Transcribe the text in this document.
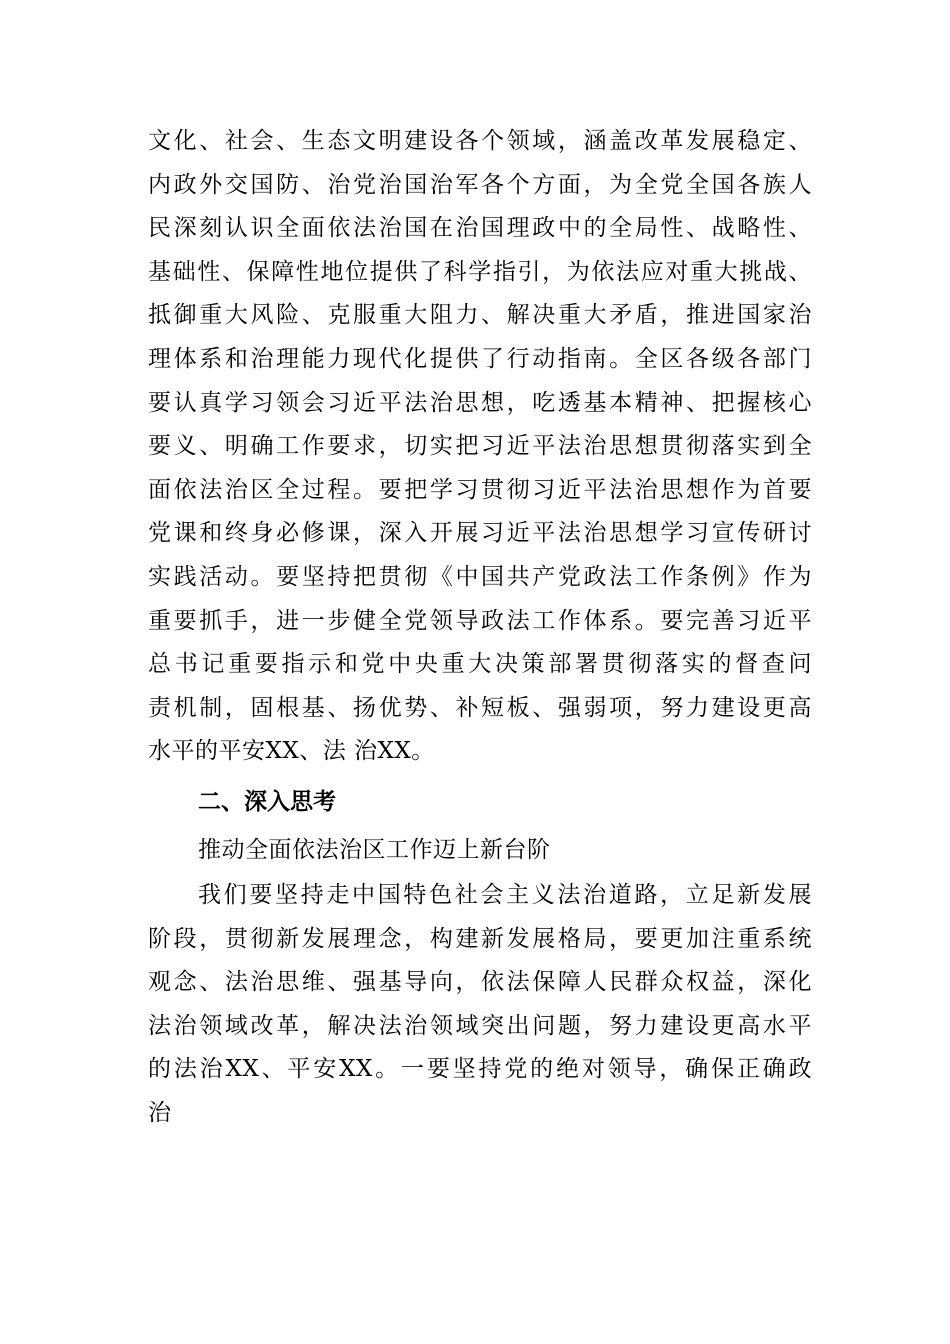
文化、社会、生态文明建设各个领域，涵盖改革发展稳定、
内政外交国防、治党治国治军各个方面，为全党全国各族人
民深刻认识全面依法治国在治国理政中的全局性、战略性、
基础性、保障性地位提供了科学指引，为依法应对重大挑战、
抵御重大风险、克服重大阻力、解决重大矛盾，推进国家治
理体系和治理能力现代化提供了行动指南。全区各级各部门
要认真学习领会习近平法治思想，吃透基本精神、把握核心
要义、明确工作要求，切实把习近平法治思想贯彻落实到全
面依法治区全过程。要把学习贯彻习近平法治思想作为首要
党课和终身必修课，深入开展习近平法治思想学习宣传研讨
实践活动。要坚持把贯彻《中国共产党政法工作条例》作为
重要抓手，进一步健全党领导政法工作体系。要完善习近平
总书记重要指示和党中央重大决策部署贯彻落实的督查问
责机制，固根基、扬优势、补短板、强弱项，努力建设更高
水平的平安XX、法 治XX。
二、深入思考
推动全面依法治区工作迈上新台阶
我们要坚持走中国特色社会主义法治道路，立足新发展
阶段，贯彻新发展理念，构建新发展格局，要更加注重系统
观念、法治思维、强基导向，依法保障人民群众权益，深化
法治领域改革，解决法治领域突出问题，努力建设更高水平
的法治XX、平安XX。一要坚持党的绝对领导，确保正确政
治
